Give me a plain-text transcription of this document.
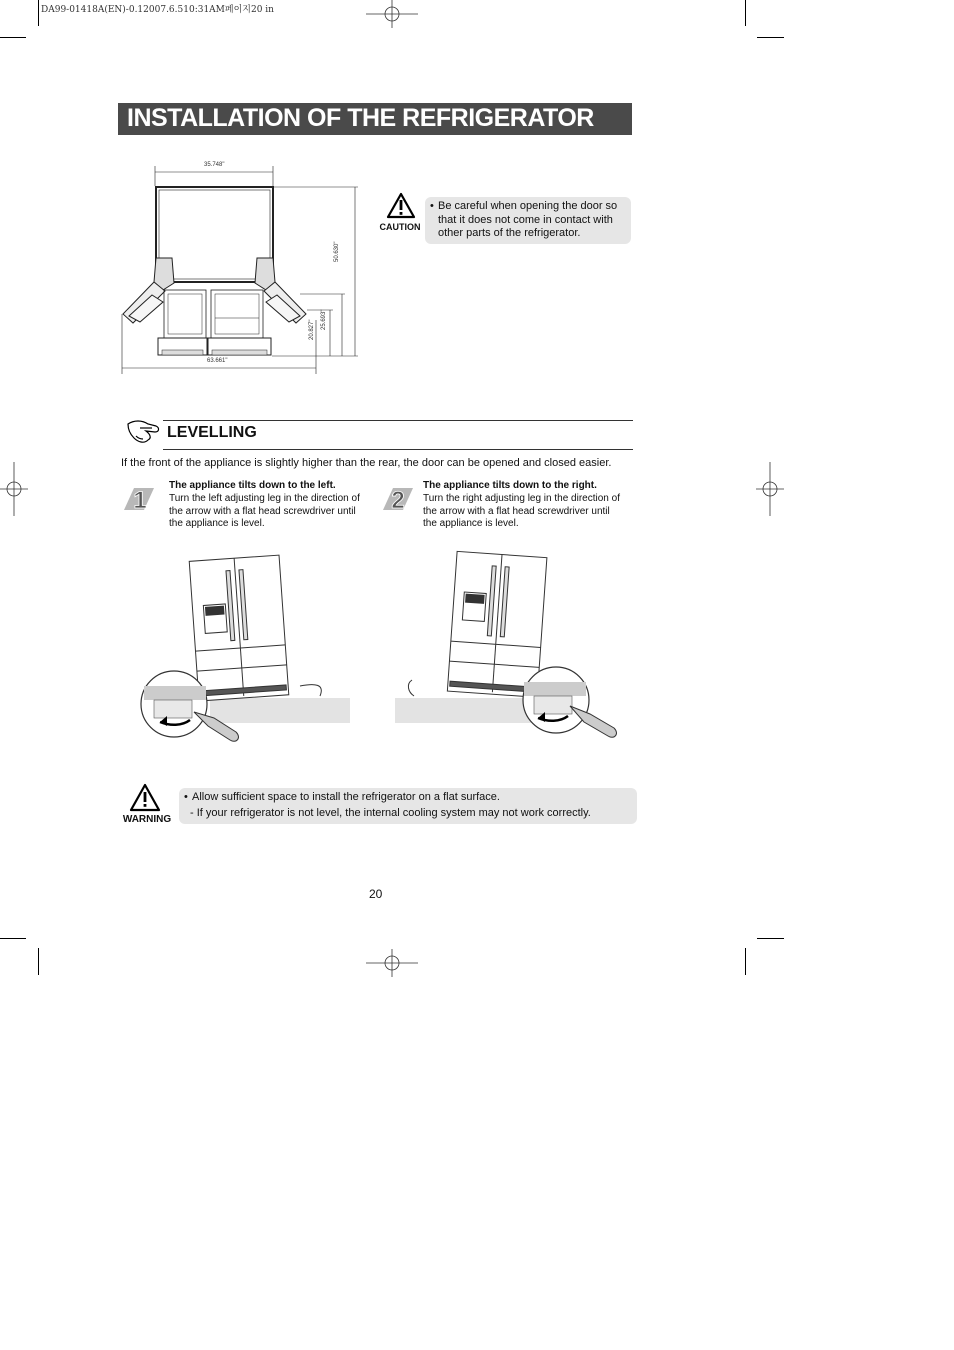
DA99-01418A(EN)-0.12007.6.510:31AM페이지20 in
INSTALLATION OF THE REFRIGERATOR
35.748"
63.661"
50.630"
25.693"
20.827"
CAUTION
• Be careful when opening the door so
that it does not come in contact with
other parts of the refrigerator.
LEVELLING
If the front of the appliance is slightly higher than the rear, the door can be opened and closed easier.
1
The appliance tilts down to the left.
Turn the left adjusting leg in the direction of
the arrow with a flat head screwdriver until
the appliance is level.
2
The appliance tilts down to the right.
Turn the right adjusting leg in the direction of
the arrow with a flat head screwdriver until
the appliance is level.
WARNING
• Allow sufficient space to install the refrigerator on a flat surface.
- If your refrigerator is not level, the internal cooling system may not work correctly.
20
